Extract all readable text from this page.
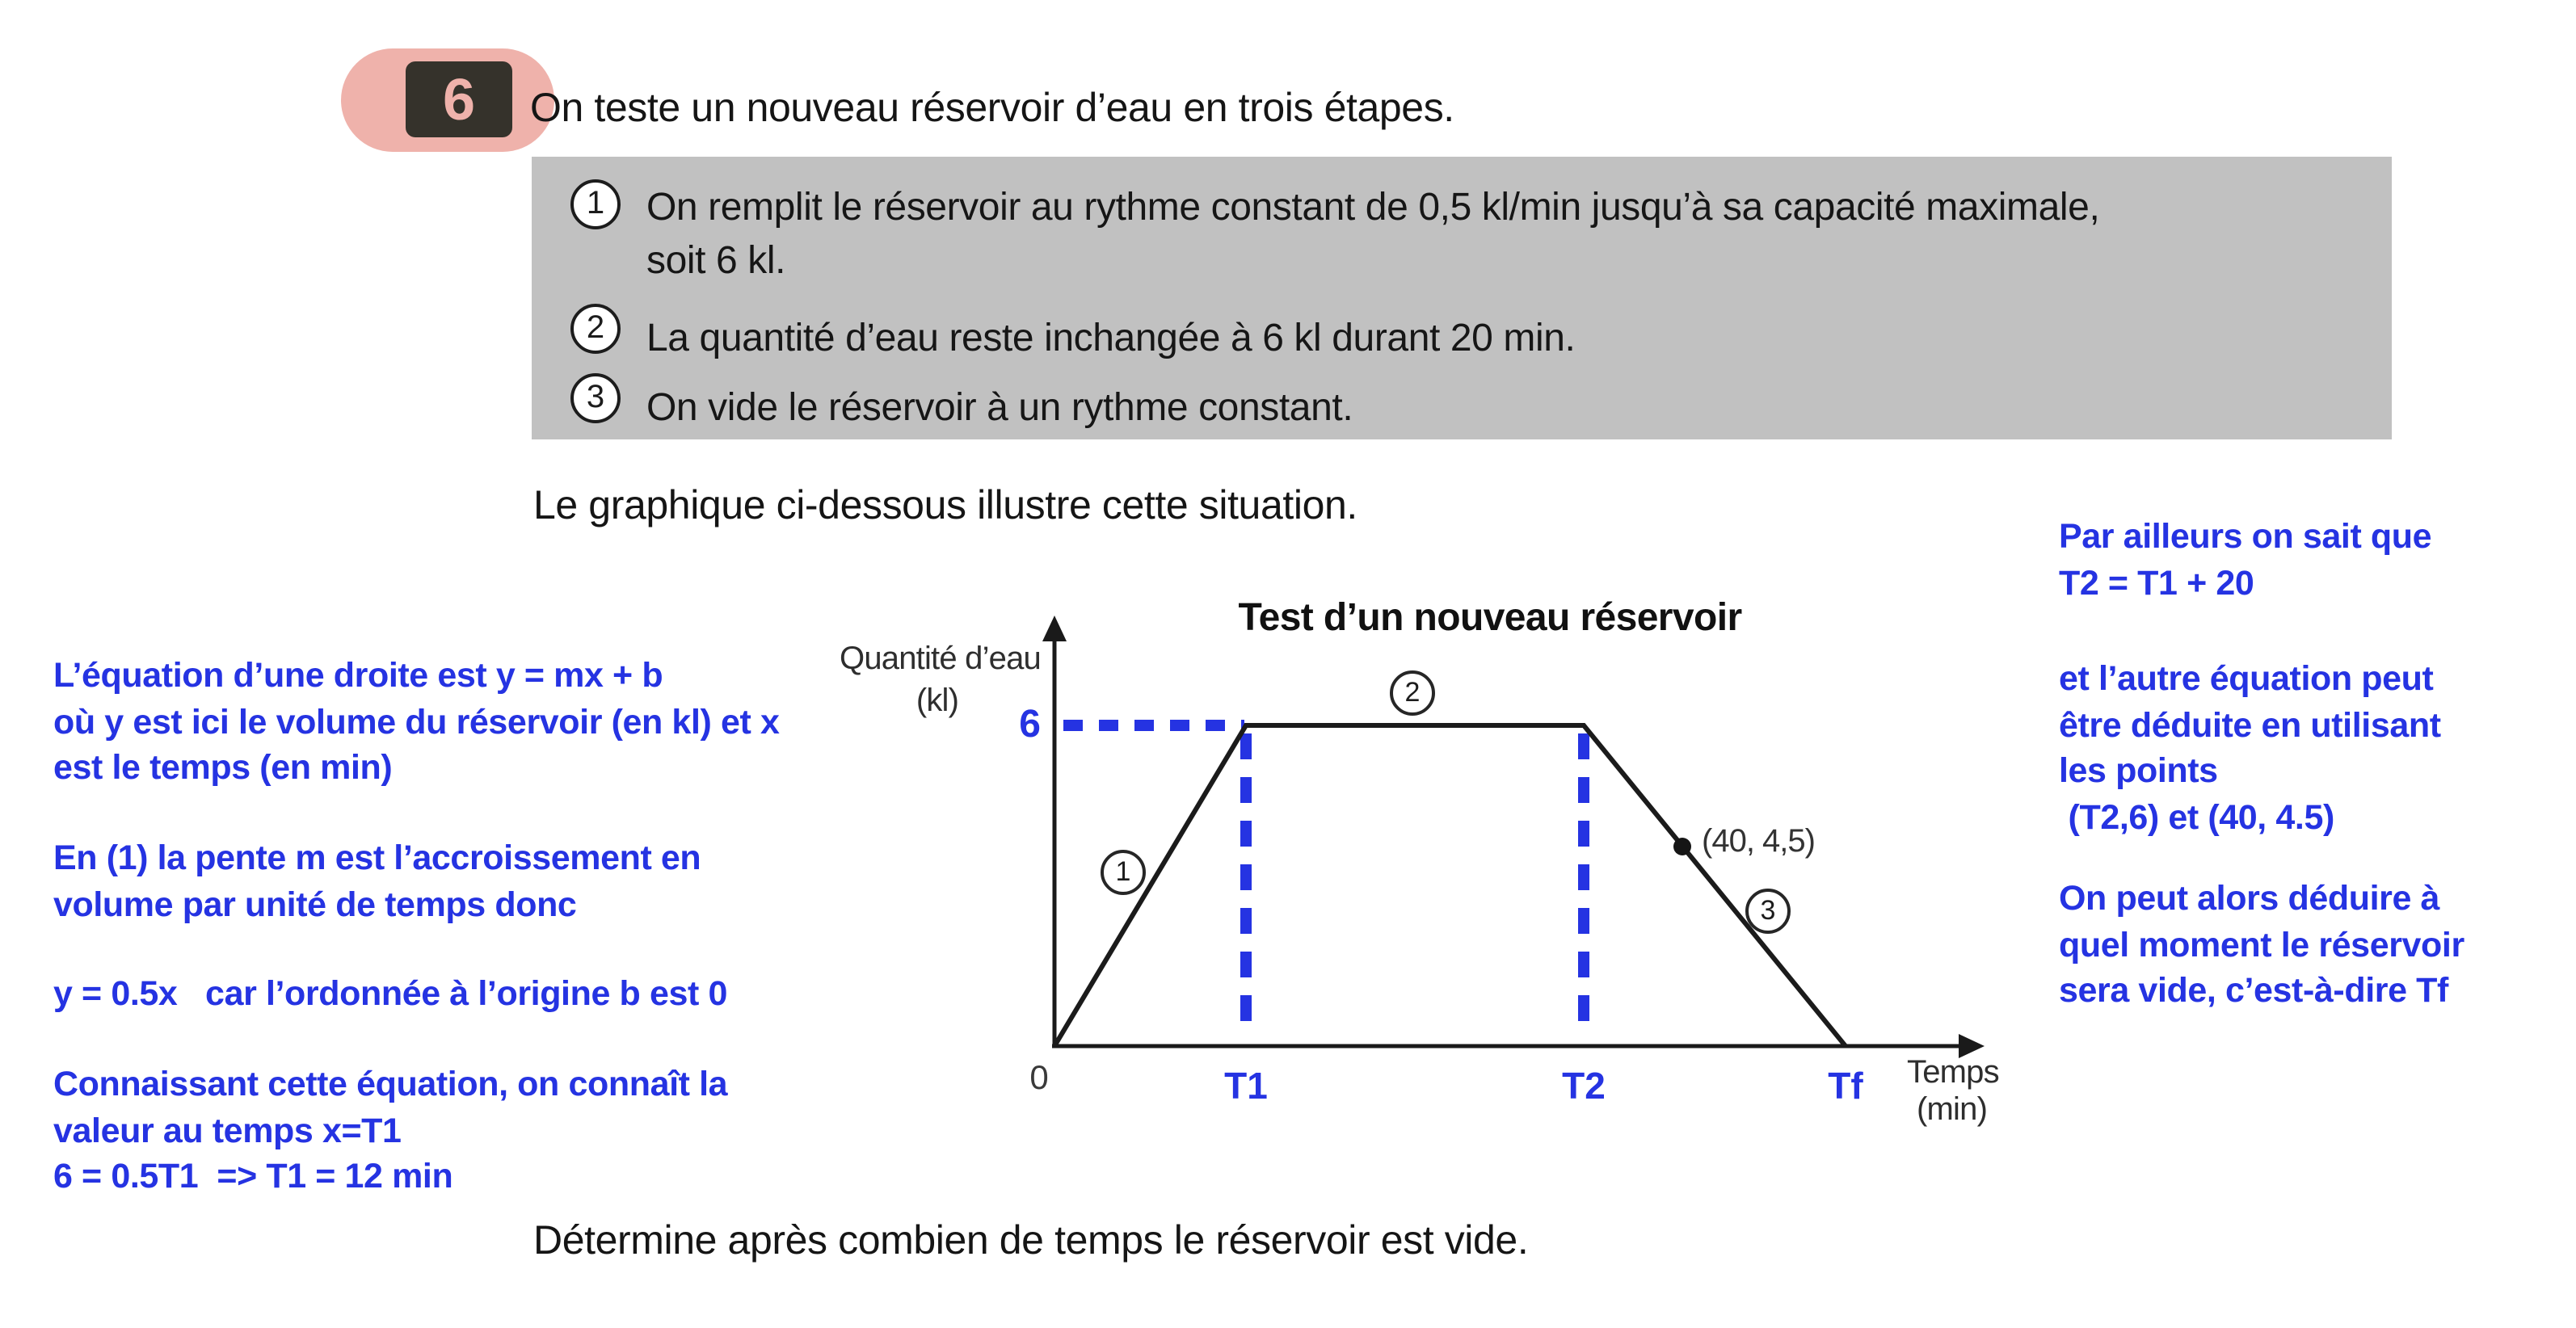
6	On teste un nouveau réservoir d’eau en trois étapes.
1 On remplit le réservoir au rythme constant de 0,5 kl/min jusqu’à sa capacité maximale,
soit 6 kl.
2 La quantité d’eau reste inchangée à 6 kl durant 20 min.
3 On vide le réservoir à un rythme constant.
Le graphique ci-dessous illustre cette situation.
Test d’un nouveau réservoir
Quantité d’eau
(kl)
6
0	T1	T2	Tf	Temps
(min)
(40, 4,5)
1
2
3
L’équation d’une droite est y = mx + b
où y est ici le volume du réservoir (en kl) et x
est le temps (en min)
En (1) la pente m est l’accroissement en
volume par unité de temps donc
y = 0.5x   car l’ordonnée à l’origine b est 0
Connaissant cette équation, on connaît la
valeur au temps x=T1
6 = 0.5T1  => T1 = 12 min
Par ailleurs on sait que
T2 = T1 + 20
et l’autre équation peut
être déduite en utilisant
les points
(T2,6) et (40, 4.5)
On peut alors déduire à
quel moment le réservoir
sera vide, c’est-à-dire Tf
Détermine après combien de temps le réservoir est vide.
